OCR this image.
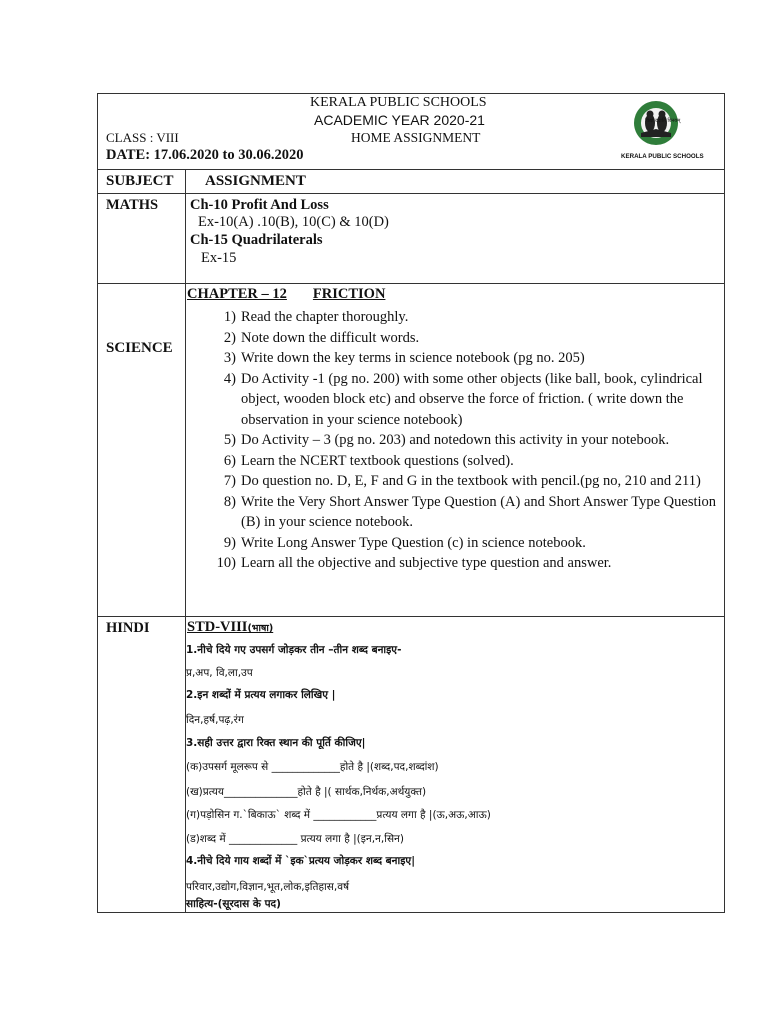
KERALA PUBLIC SCHOOLS
ACADEMIC YEAR 2020-21
CLASS : VIII	HOME ASSIGNMENT
DATE: 17.06.2020 to 30.06.2020
विद्या ददाति विनयम्
KERALA PUBLIC SCHOOLS
SUBJECT ASSIGNMENT
MATHS Ch-10 Profit And Loss
Ex-10(A) .10(B), 10(C) & 10(D)
Ch-15 Quadrilaterals
Ex-15
SCIENCE
CHAPTER – 12 FRICTION
1) Read the chapter thoroughly.
2) Note down the difficult words.
3) Write down the key terms in science notebook (pg no. 205)
4) Do Activity -1 (pg no. 200) with some other objects (like ball, book, cylindrical object, wooden block etc) and observe the force of friction. ( write down the observation in your science notebook)
5) Do Activity – 3 (pg no. 203) and notedown this activity in your notebook.
6) Learn the NCERT textbook questions (solved).
7) Do question no. D, E, F and G in the textbook with pencil.(pg no, 210 and 211)
8) Write the Very Short Answer Type Question (A) and Short Answer Type Question (B) in your science notebook.
9) Write Long Answer Type Question (c) in science notebook.
10) Learn all the objective and subjective type question and answer.
HINDI	STD-VIII(भाषा)
1.नीचे दिये गए उपसर्ग जोड़कर तीन –तीन शब्द बनाइए-
प्र,अप, वि,ला,उप
2.इन शब्दों में प्रत्यय लगाकर लिखिए |
दिन,हर्ष,पढ़,रंग
3.सही उत्तर द्वारा रिक्त स्थान की पूर्ति कीजिए|
(क)उपसर्ग मूलरूप से _____________होते है |(शब्द,पद,शब्दांश)
(ख)प्रत्यय______________होते है |( सार्थक,निर्थक,अर्थयुक्त)
(ग)पड़ोसिन ग.`बिकाऊ` शब्द में ____________प्रत्यय लगा है |(ऊ,अऊ,आऊ)
(ड)शब्द में _____________ प्रत्यय लगा है |(इन,न,सिन)
4.नीचे दिये गाय शब्दों में `इक`प्रत्यय जोड़कर शब्द बनाइए|
परिवार,उद्योग,विज्ञान,भूत,लोक,इतिहास,वर्ष
साहित्य-(सूरदास के पद)
